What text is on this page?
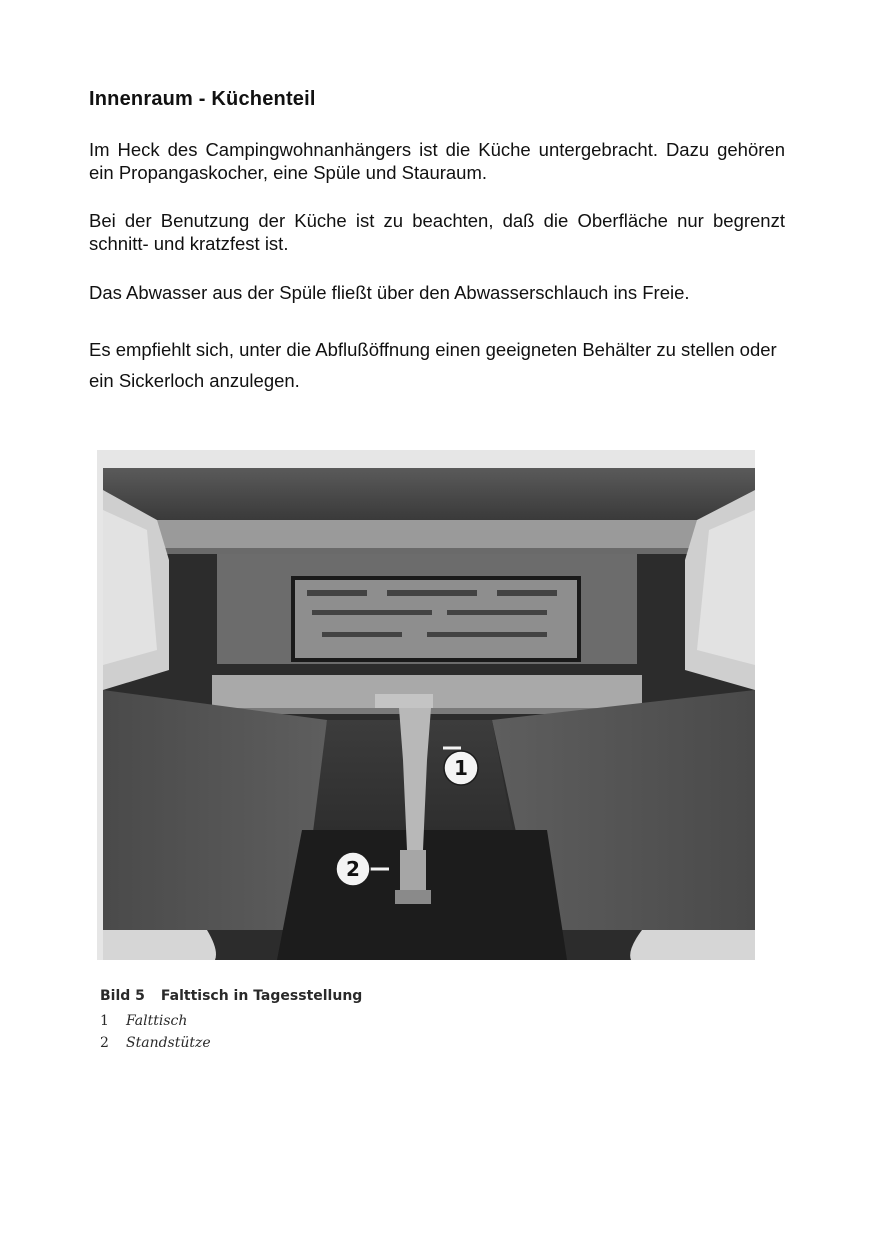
Innenraum - Küchenteil

Im Heck des Campingwohnanhängers ist die Küche untergebracht. Dazu gehören ein Propangaskocher, eine Spüle und Stauraum.

Bei der Benutzung der Küche ist zu beachten, daß die Oberfläche nur begrenzt schnitt- und kratzfest ist.

Das Abwasser aus der Spüle fließt über den Abwasserschlauch ins Freie.

Es empfiehlt sich, unter die Abflußöffnung einen geeigneten Behälter zu stellen oder ein Sickerloch anzulegen.

1
2

Bild 5 Falttisch in Tagesstellung

1 Falttisch

2 Standstütze
